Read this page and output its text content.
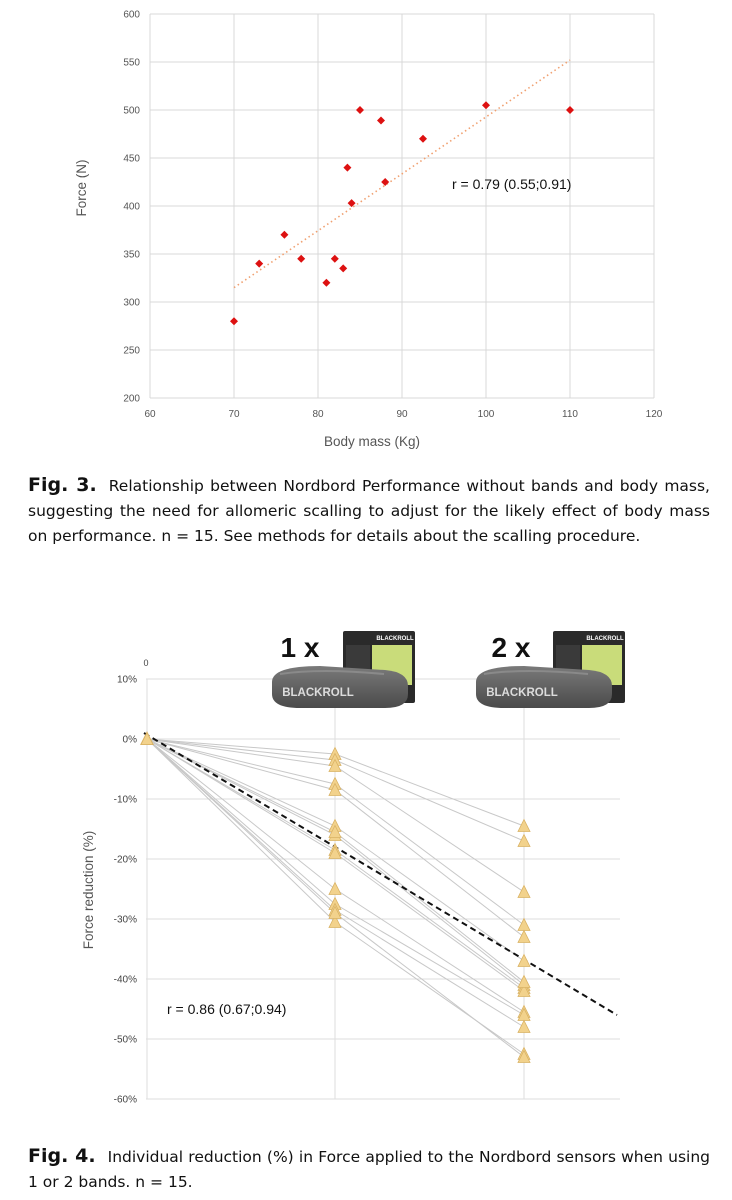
200
250
300
350
400
450
500
550
600
60	70	80	90	100	110	120
Force (N)
Body mass (Kg)
r = 0.79 (0.55;0.91)

Fig. 3. Relationship between Nordbord Performance without bands and body mass, suggesting the need for allomeric scalling to adjust for the likely effect of body mass on performance. n = 15. See methods for details about the scalling procedure.

10%
0%
-10%
-20%
-30%
-40%
-50%
-60%
0	1 x	BLACKROLL
BLACKROLL
2 x	BLACKROLL
BLACKROLL
Force reduction (%)
r = 0.86 (0.67;0.94)

Fig. 4. Individual reduction (%) in Force applied to the Nordbord sensors when using 1 or 2 bands. n = 15.
